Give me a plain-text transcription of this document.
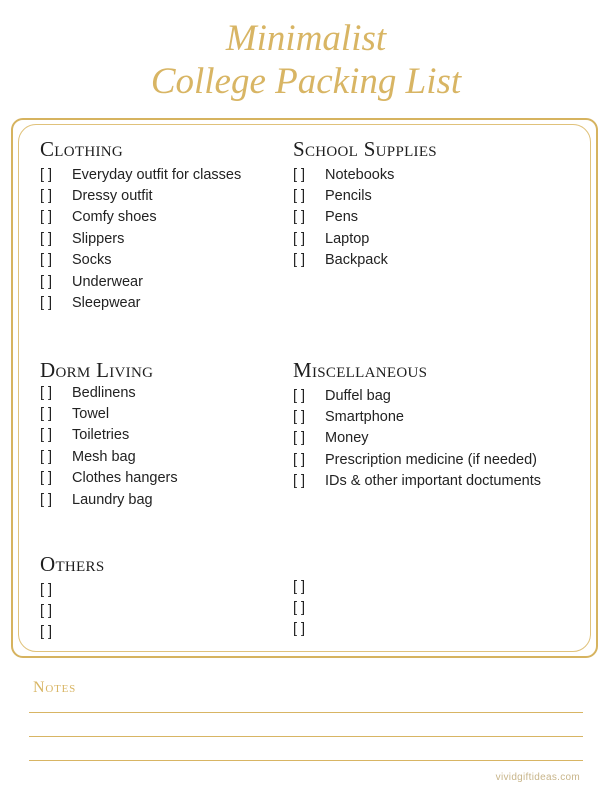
Minimalist
College Packing List
Clothing
[ ]	Everyday outfit for classes
[ ]	Dressy outfit
[ ]	Comfy shoes
[ ]	Slippers
[ ]	Socks
[ ]	Underwear
[ ]	Sleepwear
School Supplies
[ ]	Notebooks
[ ]	Pencils
[ ]	Pens
[ ]	Laptop
[ ]	Backpack
Dorm Living
[ ]	Bedlinens
[ ]	Towel
[ ]	Toiletries
[ ]	Mesh bag
[ ]	Clothes hangers
[ ]	Laundry bag
Miscellaneous
[ ]	Duffel bag
[ ]	Smartphone
[ ]	Money
[ ]	Prescription medicine (if needed)
[ ]	IDs & other important doctuments
Others
[ ]
[ ]
[ ]
[ ]
[ ]
[ ]
Notes
vividgiftideas.com
